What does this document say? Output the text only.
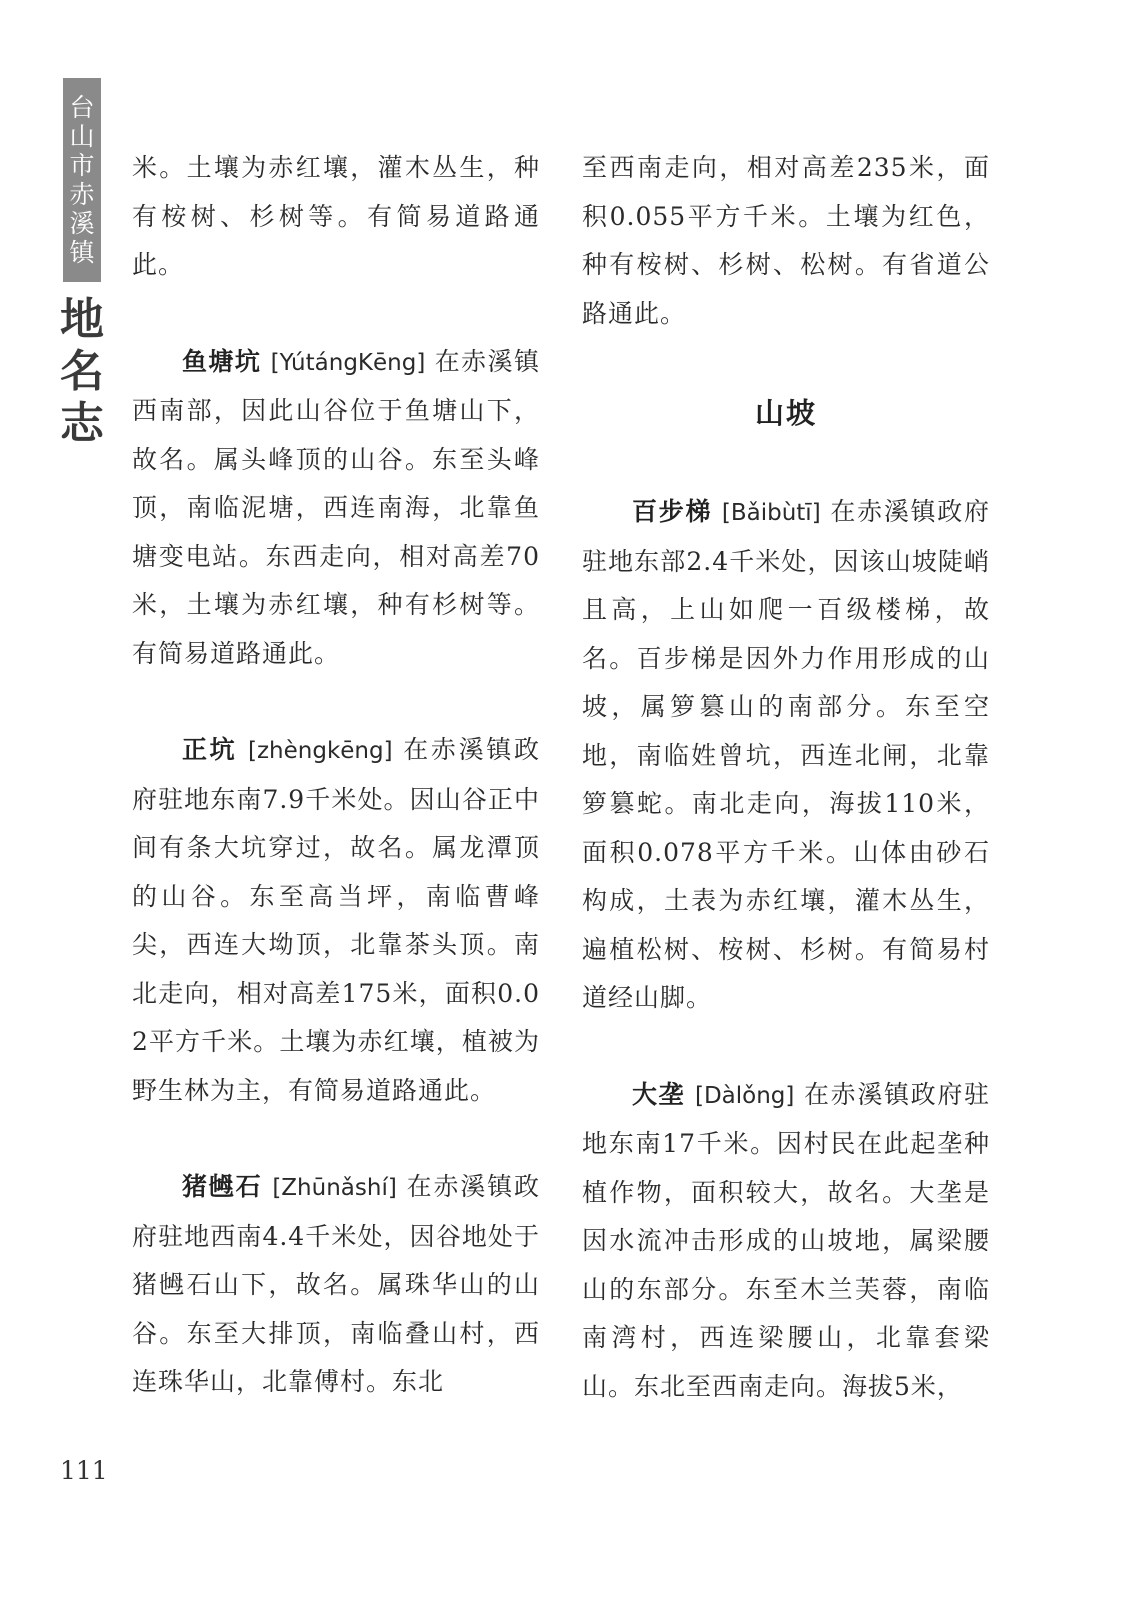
台山市赤溪镇
地名志

米。土壤为赤红壤，灌木丛生，种有桉树、杉树等。有简易道路通此。

鱼塘坑 [YútángKēng] 在赤溪镇西南部，因此山谷位于鱼塘山下，故名。属头峰顶的山谷。东至头峰顶，南临泥塘，西连南海，北靠鱼塘变电站。东西走向，相对高差70米，土壤为赤红壤，种有杉树等。有简易道路通此。

正坑 [zhèngkēng] 在赤溪镇政府驻地东南7.9千米处。因山谷正中间有条大坑穿过，故名。属龙潭顶的山谷。东至高当坪，南临曹峰尖，西连大坳顶，北靠茶头顶。南北走向，相对高差175米，面积0.02平方千米。土壤为赤红壤，植被为野生林为主，有简易道路通此。

猪乸石 [Zhūnǎshí] 在赤溪镇政府驻地西南4.4千米处，因谷地处于猪乸石山下，故名。属珠华山的山谷。东至大排顶，南临叠山村，西连珠华山，北靠傅村。东北

至西南走向，相对高差235米，面积0.055平方千米。土壤为红色，种有桉树、杉树、松树。有省道公路通此。

山坡

百步梯 [Bǎibùtī] 在赤溪镇政府驻地东部2.4千米处，因该山坡陡峭且高，上山如爬一百级楼梯，故名。百步梯是因外力作用形成的山坡，属箩篡山的南部分。东至空地，南临姓曾坑，西连北闸，北靠箩篡蛇。南北走向，海拔110米，面积0.078平方千米。山体由砂石构成，土表为赤红壤，灌木丛生，遍植松树、桉树、杉树。有简易村道经山脚。

大垄 [Dàlǒng] 在赤溪镇政府驻地东南17千米。因村民在此起垄种植作物，面积较大，故名。大垄是因水流冲击形成的山坡地，属梁腰山的东部分。东至木兰芙蓉，南临南湾村，西连梁腰山，北靠套梁山。东北至西南走向。海拔5米，

111
